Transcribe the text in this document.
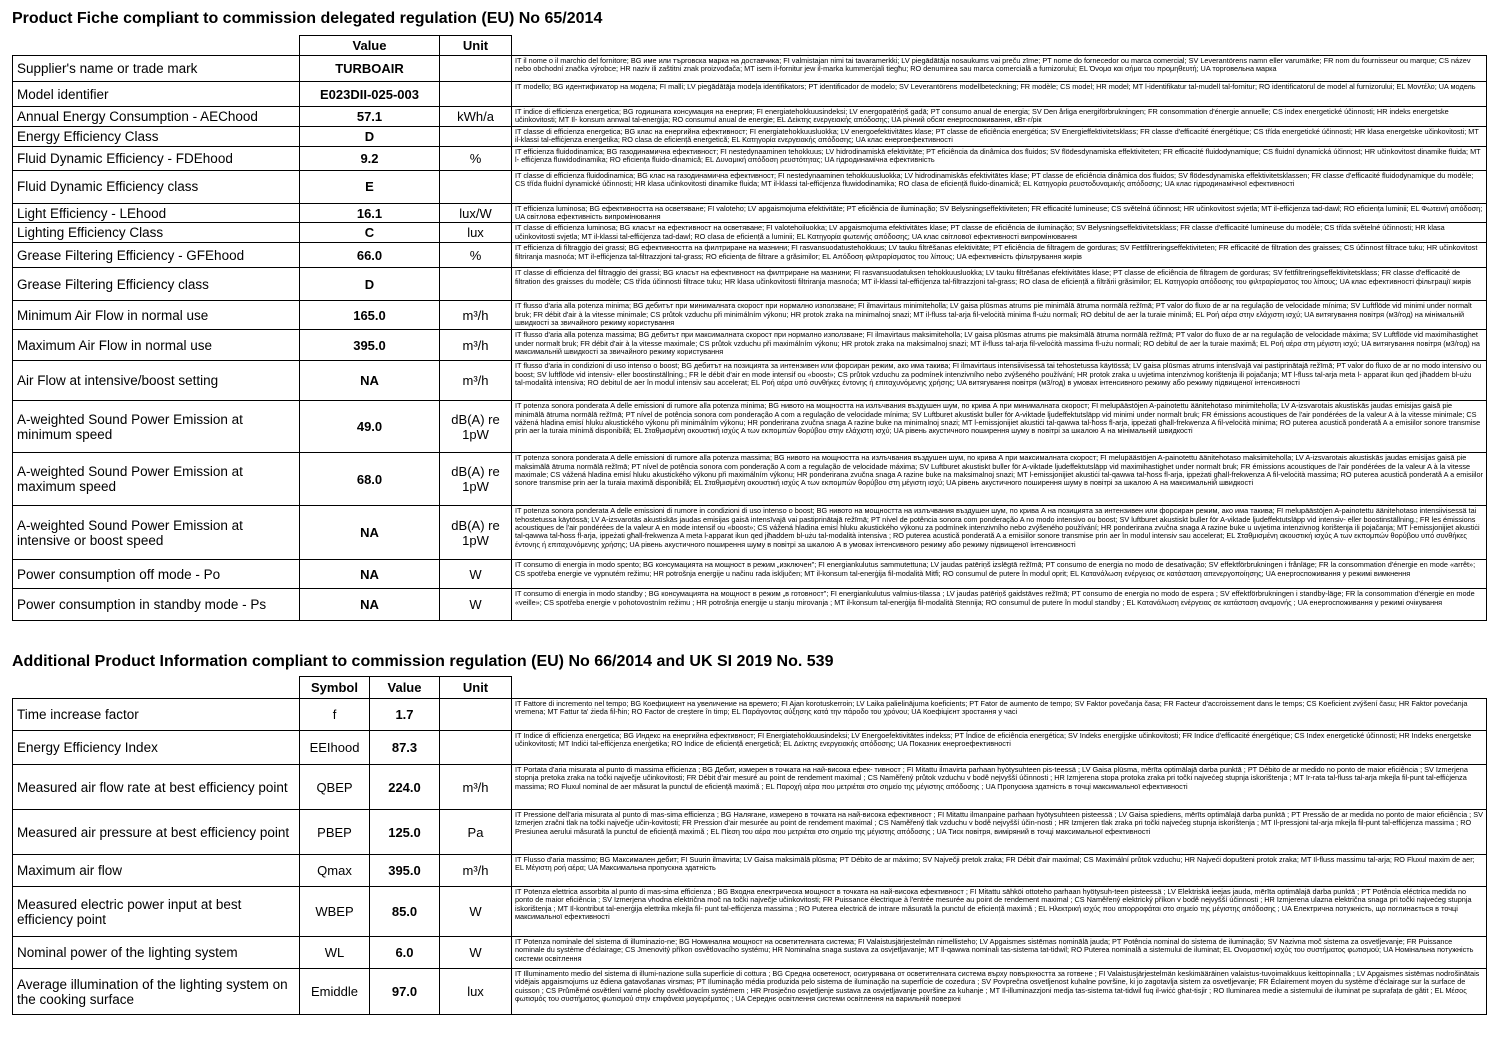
Product Fiche compliant to commission delegated regulation (EU) No 65/2014
	Value	Unit	
Supplier's name or trade mark	TURBOAIR		IT il nome o il marchio del fornitore; BG име или търговска марка на доставчика; FI valmistajan nimi tai tavaramerkki; LV piegādātāja nosaukums vai preču zīme; PT nome do fornecedor ou marca comercial; SV Leverantörens namn eller varumärke; FR nom du fournisseur ou marque; CS název nebo obchodní značka výrobce; HR naziv ili zaštitni znak proizvođača; MT isem il-fornitur jew il-marka kummerċjali tiegħu; RO denumirea sau marca comercială a furnizorului; EL Όνομα και σήμα του προμηθευτή; UA торговельна марка
Model identifier	E023DII-025-003		IT modello; BG идентификатор на модела; FI malli; LV piegādātāja modeļa identifikators; PT identificador de modelo; SV Leverantörens modellbeteckning; FR modèle; CS model; HR model; MT l-identifikatur tal-mudell tal-fornitur; RO identificatorul de model al furnizorului; EL Μοντέλο; UA модель
Annual Energy Consumption - AEChood	57.1	kWh/a	IT indice di efficienza energetica; BG годишната консумация на енергия; FI energiatehokkuusindeksi; LV energopatēriņš gadā; PT consumo anual de energia; SV Den årliga energiförbrukningen; FR consommation d'énergie annuelle; CS index energetické účinnosti; HR indeks energetske učinkovitosti; MT Il- konsum annwal tal-enerġija; RO consumul anual de energie; EL Δείκτης ενεργειακής απόδοσης; UA річний обсяг енергоспоживання, кВт·г/рік
Energy Efficiency Class	D		IT classe di efficienza energetica; BG клас на енергийна ефективност; FI energiatehokkuusluokka; LV energoefektivitātes klase; PT classe de eficiência energética; SV Energieffektivitetsklass; FR classe d'efficacité énergétique; CS třída energetické účinnosti; HR klasa energetske učinkovitosti; MT il-klassi tal-effiċjenza enerġetika; RO clasa de eficiență energetică; EL Κατηγορία ενεργειακής απόδοσης; UA клас енергоефективності
Fluid Dynamic Efficiency - FDEhood	9.2	%	IT efficienza fluidodinamica; BG газодинамична ефективност; FI nestedynaaminen tehokkuus; LV hidrodinamiskā efektivitāte; PT eficiência da dinâmica dos fluidos; SV flödesdynamiska effektiviteten; FR efficacité fluidodynamique; CS fluidní dynamická účinnost; HR učinkovitost dinamike fluida; MT l- effiċjenza fluwidodinamika; RO eficiența fluido-dinamică; EL Δυναμική απόδοση ρευστότητας; UA гідродинамічна ефективність
Fluid Dynamic Efficiency class	E		IT classe di efficienza fluidodinamica; BG клас на газодинамична ефективност; FI nestedynaaminen tehokkuusluokka; LV hidrodinamiskās efektivitātes klase; PT classe de eficiência dinâmica dos fluidos; SV flödesdynamiska effektivitetsklassen; FR classe d'efficacité fluidodynamique du modèle; CS třída fluidní dynamické účinnosti; HR klasa učinkovitosti dinamike fluida; MT il-klassi tal-effiċjenza fluwidodinamika; RO clasa de eficiență fluido-dinamică; EL Κατηγορία ρευστοδυναμικής απόδοσης; UA клас гідродинамічної ефективності
Light Efficiency - LEhood	16.1	lux/W	IT efficienza luminosa; BG ефективността на осветяване; FI valoteho; LV apgaismojuma efektivitāte; PT eficiência de iluminação; SV Belysningseffektiviteten; FR efficacité lumineuse; CS světelná účinnost; HR učinkovitost svjetla; MT il-effiċjenza tad-dawl; RO eficiența luminii; EL Φωτεινή απόδοση; UA світлова ефективність випромінювання
Lighting Efficiency Class	C	lux	IT classe di efficienza luminosa; BG класът на ефективност на осветяване; FI valotehoiluokka; LV apgaismojuma efektivitātes klase; PT classe de eficiência de iluminação; SV Belysningseffektivitetsklass; FR classe d'efficacité lumineuse du modèle; CS třída světelné účinnosti; HR klasa učinkovitosti svjetla; MT il-klassi tal-effiċjenza tad-dawl; RO clasa de eficiență a luminii; EL Κατηγορία φωτεινής απόδοσης; UA клас світлової ефективності випромінювання
Grease Filtering Efficiency - GFEhood	66.0	%	IT efficienza di filtraggio dei grassi; BG ефективността на филтриране на мазнини; FI rasvansuodatustehokkuus; LV tauku filtrēšanas efektivitāte; PT eficiência de filtragem de gorduras; SV Fettfiltreringseffektiviteten; FR efficacité de filtration des graisses; CS účinnost filtrace tuku; HR učinkovitost filtriranja masnoća; MT il-effiċjenza tal-filtrazzjoni tal-grass; RO eficiența de filtrare a grăsimilor; EL Απόδοση φιλτραρίσματος του λίπους; UA ефективність фільтрування жирів
Grease Filtering Efficiency class	D		IT classe di efficienza del filtraggio dei grassi; BG класът на ефективност на филтриране на мазнини; FI rasvansuodatuksen tehokkuusluokka; LV tauku filtrēšanas efektivitātes klase; PT classe de eficiência de filtragem de gorduras; SV fettfiltreringseffektivitetsklass; FR classe d'efficacité de filtration des graisses du modèle; CS třída účinnosti filtrace tuku; HR klasa učinkovitosti filtriranja masnoća; MT il-klassi tal-effiċjenza tal-filtrazzjoni tal-grass; RO clasa de eficiență a filtrării grăsimilor; EL Κατηγορία απόδοσης του φιλτραρίσματος του λίπους; UA клас ефективності фільтрації жирів
Minimum Air Flow in normal use	165.0	m³/h	IT flusso d'aria alla potenza minima; BG дебитът при минималната скорост при нормално използване; FI ilmavirtaus minimiteholla; LV gaisa plūsmas atrums pie minimālā ātruma normālā režīmā; PT valor do fluxo de ar na regulação de velocidade mínima; SV Luftflöde vid minimi under normalt bruk; FR débit d'air à la vitesse minimale; CS průtok vzduchu při minimálním výkonu; HR protok zraka na minimalnoj snazi; MT il-fluss tal-arja fil-veloċità minima fl-użu normali; RO debitul de aer la turaie minimă; EL Ροή αέρα στην ελάχιστη ισχύ; UA витягування повітря (м3/год) на мінімальній швидкості за звичайного режиму користування
Maximum Air Flow in normal use	395.0	m³/h	IT flusso d'aria alla potenza massima; BG дебитът при максималната скорост при нормално използване; FI ilmavirtaus maksimiteholla; LV gaisa plūsmas atrums pie maksimālā ātruma normālā režīmā; PT valor do fluxo de ar na regulação de velocidade máxima; SV Luftflöde vid maximihastighet under normalt bruk; FR débit d'air à la vitesse maximale; CS průtok vzduchu při maximálním výkonu; HR protok zraka na maksimalnoj snazi; MT il-fluss tal-arja fil-veloċità massima fl-użu normali; RO debitul de aer la turaie maximă; EL Ροή αέρα στη μέγιστη ισχύ; UA витягування повітря (м3/год) на максимальній швидкості за звичайного режиму користування
Air Flow at intensive/boost setting	NA	m³/h	IT flusso d'aria in condizioni di uso intenso o boost; BG дебитът на позицията за интензивен или форсиран режим, ако има такива; FI ilmavirtaus intensiivisessä tai tehostetussa käytössä; LV gaisa plūsmas atrums intensīvajā vai pastiprinātajā režīmā; PT valor do fluxo de ar no modo intensivo ou boost; SV luftflöde vid intensiv- eller boostinställning.; FR le débit d'air en mode intensif ou «boost»; CS průtok vzduchu za podmínek intenzivního nebo zvýšeného používání; HR protok zraka u uvjetima intenzivnog korištenja ili pojačanja; MT l-fluss tal-arja meta l- apparat ikun qed jiħaddem bl-użu tal-modalità intensiva; RO debitul de aer în modul intensiv sau accelerat; EL Ροή αέρα υπό συνθήκες έντονης ή επιταχυνόμενης χρήσης; UA витягування повітря (м3/год) в умовах інтенсивного режиму або режиму підвищеної інтенсивності
A-weighted Sound Power Emission at minimum speed	49.0	dB(A) re 1pW	IT potenza sonora ponderata A delle emissioni di rumore alla potenza minima; BG нивото на мощността на излъчвания въздушен шум, по крива А при минималната скорост; FI melupäästöjen A-painotettu äänitehotaso minimiteholla; LV A-izsvarotais akustiskās jaudas emisijas gaisā pie minimālā ātruma normālā režīmā; PT nível de potência sonora com ponderação A com a regulação de velocidade mínima; SV Luftburet akustiskt buller för A-viktade ljudeffektutsläpp vid minimi under normalt bruk; FR émissions acoustiques de l'air pondérées de la valeur A à la vitesse minimale; CS vážená hladina emisí hluku akustického výkonu při minimálním výkonu; HR ponderirana zvučna snaga A razine buke na minimalnoj snazi; MT l-emissjonijiet akustiċi tal-qawwa tal-ħoss fl-arja, ippeżati għall-frekwenza A fil-veloċità minima; RO puterea acustică ponderată A a emisiilor sonore transmise prin aer la turaia minimă disponibilă; EL Σταθμισμένη ακουστική ισχύς Α των εκπομπών θορύβου στην ελάχιστη ισχύ; UA рівень акустичного поширення шуму в повітрі за шкалою А на мінімальній швидкості
A-weighted Sound Power Emission at maximum speed	68.0	dB(A) re 1pW	IT potenza sonora ponderata A delle emissioni di rumore alla potenza massima; BG нивото на мощността на излъчвания въздушен шум, по крива А при максималната скорост; FI melupäästöjen A-painotettu äänitehotaso maksimiteholla; LV A-izsvarotais akustiskās jaudas emisijas gaisā pie maksimālā ātruma normālā režīmā; PT nível de potência sonora com ponderação A com a regulação de velocidade máxima; SV Luftburet akustiskt buller för A-viktade ljudeffektutsläpp vid maximihastighet under normalt bruk; FR émissions acoustiques de l'air pondérées de la valeur A à la vitesse maximale; CS vážená hladina emisí hluku akustického výkonu při maximálním výkonu; HR ponderirana zvučna snaga A razine buke na maksimalnoj snazi; MT l-emissjonijiet akustiċi tal-qawwa tal-ħoss fl-arja, ippeżati għall-frekwenza A fil-veloċità massima; RO puterea acustică ponderată A a emisiilor sonore transmise prin aer la turaia maximă disponibilă; EL Σταθμισμένη ακουστική ισχύς Α των εκπομπών θορύβου στη μέγιστη ισχύ; UA рівень акустичного поширення шуму в повітрі за шкалою А на максимальній швидкості
A-weighted Sound Power Emission at intensive or boost speed	NA	dB(A) re 1pW	IT potenza sonora ponderata A delle emissioni di rumore in condizioni di uso intenso o boost; BG нивото на мощността на излъчвания въздушен шум, по крива А на позицията за интензивен или форсиран режим, ако има такива; FI melupäästöjen A-painotettu äänitehotaso intensiivisessä tai tehostetussa käytössä; LV A-izsvarotās akustiskās jaudas emisijas gaisā intensīvajā vai pastiprinātajā režīmā; PT nível de potência sonora com ponderação A no modo intensivo ou boost; SV luftburet akustiskt buller för A-viktade ljudeffektutsläpp vid intensiv- eller boostinställning.; FR les émissions acoustiques de l'air pondérées de la valeur A en mode intensif ou «boost»; CS vážená hladina emisí hluku akustického výkonu za podmínek intenzivního nebo zvýšeného používání; HR ponderirana zvučna snaga A razine buke u uvjetima intenzivnog korištenja ili pojačanja; MT l-emissjonijiet akustiċi tal-qawwa tal-ħoss fl-arja, ippeżati għall-frekwenza A meta l-apparat ikun qed jiħaddem bl-użu tal-modalità intensiva ; RO puterea acustică ponderată A a emisiilor sonore transmise prin aer în modul intensiv sau accelerat; EL Σταθμισμένη ακουστική ισχύς Α των εκπομπών θορύβου υπό συνθήκες έντονης ή επιταχυνόμενης χρήσης; UA рівень акустичного поширення шуму в повітрі за шкалою А в умовах інтенсивного режиму або режиму підвищеної інтенсивності
Power consumption off mode - Po	NA	W	IT consumo di energia in modo spento; BG консумацията на мощност в режим „изключен"; FI energiankulutus sammutettuna; LV jaudas patēriņš izslēgtā režīmā; PT consumo de energia no modo de desativação; SV effektförbrukningen i frånläge; FR la consommation d'énergie en mode «arrêt»; CS spotřeba energie ve vypnutém režimu; HR potrošnja energije u načinu rada isključen; MT il-konsum tal-enerġija fil-modalità Mitfi; RO consumul de putere în modul oprit; EL Κατανάλωση ενέργειας σε κατάσταση απενεργοποίησης; UA енергоспоживання у режимі вимкнення
Power consumption in standby mode - Ps	NA	W	IT consumo di energia in modo standby ; BG консумацията на мощност в режим „в готовност"; FI energiankulutus valmius-tilassa ; LV jaudas patēriņš gaidstāves režīmā; PT consumo de energia no modo de espera ; SV effektförbrukningen i standby-läge; FR la consommation d'énergie en mode «veille»; CS spotřeba energie v pohotovostním režimu ; HR potrošnja energije u stanju mirovanja ; MT il-konsum tal-enerġija fil-modalità Stennija; RO consumul de putere în modul standby ; EL Κατανάλωση ενέργειας σε κατάσταση αναμονής ; UA енергоспоживання у режимі очікування
Additional Product Information compliant to commission regulation (EU) No 66/2014 and UK SI 2019 No. 539
	Symbol	Value	Unit	
Time increase factor	f	1.7		IT Fattore di incremento nel tempo; BG Коефициент на увеличение на времето; FI Ajan korotuskerroin; LV Laika palielinājuma koeficients; PT Fator de aumento de tempo; SV Faktor povečanja časa; FR Facteur d'accroissement dans le temps; CS Koeficient zvýšení času; HR Faktor povećanja vremena; MT Fattur ta' żieda fil-ħin; RO Factor de creștere în timp; EL Παράγοντας αύξησης κατά την πάροδο του χρόνου; UA Коефіцієнт зростання у часі
Energy Efficiency Index	EEIhood	87.3		IT Indice di efficienza energetica; BG Индекс на енергийна ефективност; FI Energiatehokkuusindeksi; LV Energoefektivitātes indekss; PT Índice de eficiência energética; SV Indeks energijske učinkovitosti; FR Indice d'efficacité énergétique; CS Index energetické účinnosti; HR Indeks energetske učinkovitosti; MT Indiċi tal-effiċjenza enerġetika; RO Indice de eficiență energetică; EL Δείκτης ενεργειακής απόδοσης; UA Показник енергоефективності
Measured air flow rate at best efficiency point	QBEP	224.0	m³/h	IT Portata d'aria misurata al punto di massima efficienza ; BG Дебит, измерен в точката на най-висока ефек- тивност ; FI Mitattu ilmavirta parhaan hyötysuhteen pis-teessä ; LV Gaisa plūsma, mērīta optimālajā darba punktā ; PT Débito de ar medido no ponto de maior eficiência ; SV Izmerjena stopnja pretoka zraka na točki največje učinkovitosti; FR Débit d'air mesuré au point de rendement maximal ; CS Naměřený průtok vzduchu v bodě nejvyšší účinnosti ; HR Izmjerena stopa protoka zraka pri točki najvećeg stupnja iskorištenja ; MT Ir-rata tal-fluss tal-arja mkejla fil-punt tal-effiċjenza massima; RO Fluxul nominal de aer măsurat la punctul de eficiență maximă ; EL Παροχή αέρα που μετριέται στο σημείο της μέγιστης απόδοσης ; UA Пропускна здатність в точці максимальної ефективності
Measured air pressure at best efficiency point	PBEP	125.0	Pa	IT Pressione dell'aria misurata al punto di mas-sima efficienza ; BG Налягане, измерено в точката на най-висока ефективност ; FI Mitattu ilmanpaine parhaan hyötysuhteen pisteessä ; LV Gaisa spiediens, mērīts optimālajā darba punktā ; PT Pressão de ar medida no ponto de maior eficiência ; SV Izmerjen zračni tlak na točki največje učin-kovitosti; FR Pression d'air mesurée au point de rendement maximal ; CS Naměřený tlak vzduchu v bodě nejvyšší účin-nosti ; HR Izmjeren tlak zraka pri točki najvećeg stupnja iskorištenja ; MT Il-pressjoni tal-arja mkejla fil-punt tal-effiċjenza massima ; RO Presiunea aerului măsurată la punctul de eficiență maximă ; EL Πίεση του αέρα που μετριέται στο σημείο της μέγιστης απόδοσης ; UA Тиск повітря, виміряний в точці максимальної ефективності
Maximum air flow	Qmax	395.0	m³/h	IT Flusso d'aria massimo; BG Максимален дебит; FI Suurin ilmavirta; LV Gaisa maksimālā plūsma; PT Débito de ar máximo; SV Največji pretok zraka; FR Débit d'air maximal; CS Maximální průtok vzduchu; HR Najveći dopušteni protok zraka; MT Il-fluss massimu tal-arja; RO Fluxul maxim de aer; EL Μέγιστη ροή αέρα; UA Максимальна пропускна здатність
Measured electric power input at best efficiency point	WBEP	85.0	W	IT Potenza elettrica assorbita al punto di mas-sima efficienza ; BG Входна електрическа мощност в точката на най-висока ефективност ; FI Mitattu sähköi ottoteho parhaan hyötysuh-teen pisteessä ; LV Elektriskā ieejas jauda, mērīta optimālajā darba punktā ; PT Potência eléctrica medida no ponto de maior eficiência ; SV Izmerjena vhodna električna moč na točki največje učinkovitosti; FR Puissance électrique à l'entrée mesurée au point de rendement maximal ; CS Naměřený elektrický příkon v bodě nejvyšší účinnosti ; HR Izmjerena ulazna električna snaga pri točki najvećeg stupnja iskorištenja ; MT Il-kontribut tal-enerġija elettrika mkejla fil- punt tal-effiċjenza massima ; RO Puterea electrică de intrare măsurată la punctul de eficiență maximă ; EL Ηλεκτρική ισχύς που απορροφάται στο σημείο της μέγιστης απόδοσης ; UA Електрична потужність, що поглинається в точці максимальної ефективності
Nominal power of the lighting system	WL	6.0	W	IT Potenza nominale del sistema di illuminazio-ne; BG Номинална мощност на осветителната система; FI Valaistusjärjestelmän nimellisteho; LV Apgaismes sistēmas nominālā jauda; PT Potência nominal do sistema de iluminação; SV Nazivna moč sistema za osvetljevanje; FR Puissance nominale du système d'éclairage; CS Jmenovitý příkon osvětlovacího systému; HR Nominalna snaga sustava za osvjetljavanje; MT Il-qawwa nominali tas-sistema tat-tidwil; RO Puterea nominală a sistemului de iluminat; EL Ονομαστική ισχύς του συστήματος φωτισμού; UA Номінальна потужність системи освітлення
Average illumination of the lighting system on the cooking surface	Emiddle	97.0	lux	IT Illuminamento medio del sistema di illumi-nazione sulla superficie di cottura ; BG Средна осветеност, осигурявана от осветителната система върху повърхността за готвене ; FI Valaistusjärjestelmän keskimääräinen valaistus-tuvoimakkuus keittopinnalla ; LV Apgaismes sistēmas nodrošinātais vidējais apgaismojums uz ēdiena gatavošanas virsmas; PT Iluminação média produzida pelo sistema de iluminação na superfície de cozedura ; SV Povprečna osvetljenost kuhalne površine, ki jo zagotavlja sistem za osvetljevanje; FR Éclairement moyen du système d'éclairage sur la surface de cuisson ; CS Průměrné osvětlení varné plochy osvětlovacím systémem ; HR Prosječno osvjetljenje sustava za osvjetljavanje površine za kuhanje ; MT Il-illuminazzjoni medja tas-sistema tat-tidwil fuq il-wiċċ għat-tisjir ; RO Iluminarea medie a sistemului de iluminat pe suprafața de gătit ; EL Μέσος φωτισμός του συστήματος φωτισμού στην επιφάνεια μαγειρέματος ; UA Середнє освітлення системи освітлення на варильній поверхні
